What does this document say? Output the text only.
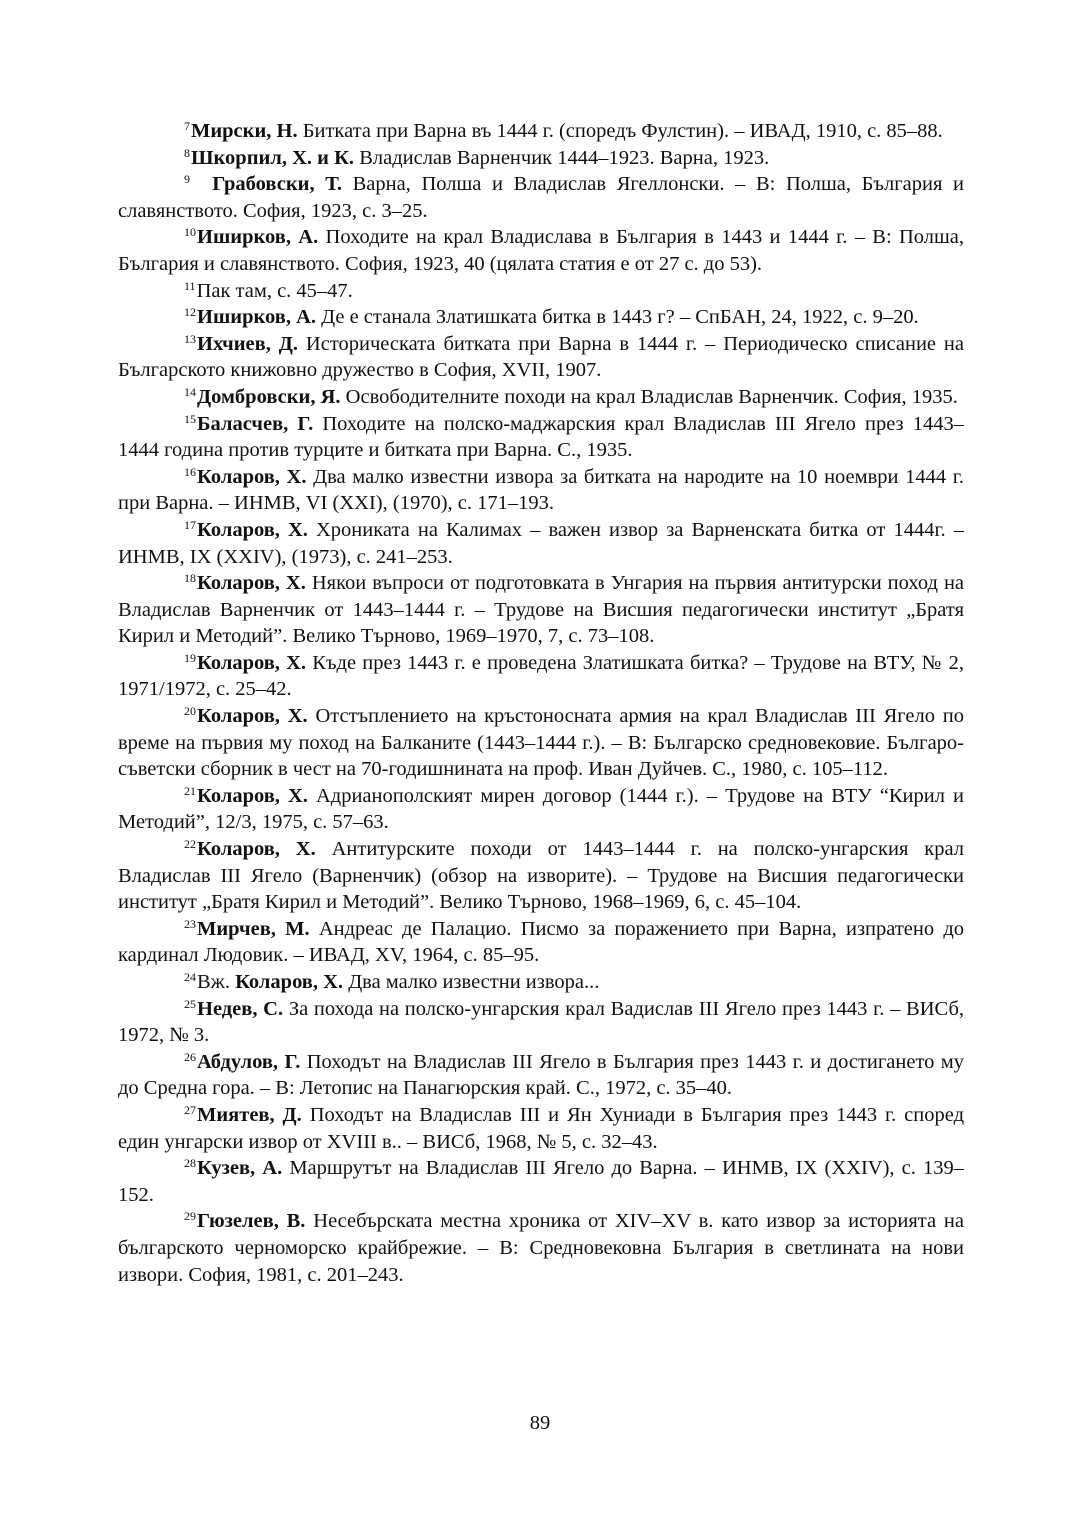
$^7$Мирски, Н. Битката при Варна въ 1444 г. (споредъ Фулстин). – ИВАД, 1910, с. 85–88.

$^8$Шкорпил, Х. и К. Владислав Варненчик 1444–1923. Варна, 1923.

$^9$ Грабовски, Т. Варна, Полша и Владислав Ягеллонски. – В: Полша, България и славянството. София, 1923, с. 3–25.

$^{10}$Иширков, А. Походите на крал Владислава в България в 1443 и 1444 г. – В: Полша, България и славянството. София, 1923, 40 (цялата статия е от 27 с. до 53).

$^{11}$Пак там, с. 45–47.

$^{12}$Иширков, А. Де е станала Златишката битка в 1443 г? – СпБАН, 24, 1922, с. 9–20.

$^{13}$Ихчиев, Д. Историческата битката при Варна в 1444 г. – Периодическо списание на Българското книжовно дружество в София, XVII, 1907.

$^{14}$Домбровски, Я. Освободителните походи на крал Владислав Варненчик. София, 1935.

$^{15}$Баласчев, Г. Походите на полско-маджарския крал Владислав III Ягело през 1443–1444 година против турците и битката при Варна. С., 1935.

$^{16}$Коларов, Х. Два малко известни извора за битката на народите на 10 ноември 1444 г. при Варна. – ИНМВ, VI (XXI), (1970), с. 171–193.

$^{17}$Коларов, Х. Хрониката на Калимах – важен извор за Варненската битка от 1444г. – ИНМВ, IX (XXIV), (1973), с. 241–253.

$^{18}$Коларов, Х. Някои въпроси от подготовката в Унгария на първия антитурски поход на Владислав Варненчик от 1443–1444 г. – Трудове на Висшия педагогически институт „Братя Кирил и Методий”. Велико Търново, 1969–1970, 7, с. 73–108.

$^{19}$Коларов, Х. Къде през 1443 г. е проведена Златишката битка? – Трудове на ВТУ, № 2, 1971/1972, с. 25–42.

$^{20}$Коларов, Х. Отстъплението на кръстоносната армия на крал Владислав III Ягело по време на първия му поход на Балканите (1443–1444 г.). – В: Българско средновековие. Българо-съветски сборник в чест на 70-годишнината на проф. Иван Дуйчев. С., 1980, с. 105–112.

$^{21}$Коларов, Х. Адрианополският мирен договор (1444 г.). – Трудове на ВТУ “Кирил и Методий”, 12/3, 1975, с. 57–63.

$^{22}$Коларов, Х. Антитурските походи от 1443–1444 г. на полско-унгарския крал Владислав III Ягело (Варненчик) (обзор на изворите). – Трудове на Висшия педагогически институт „Братя Кирил и Методий”. Велико Търново, 1968–1969, 6, с. 45–104.

$^{23}$Мирчев, М. Андреас де Палацио. Писмо за поражението при Варна, изпратено до кардинал Людовик. – ИВАД, XV, 1964, с. 85–95.

$^{24}$Вж. Коларов, Х. Два малко известни извора...

$^{25}$Недев, С. За похода на полско-унгарския крал Вадислав III Ягело през 1443 г. – ВИСб, 1972, № 3.

$^{26}$Абдулов, Г. Походът на Владислав III Ягело в България през 1443 г. и достигането му до Средна гора. – В: Летопис на Панагюрския край. С., 1972, с. 35–40.

$^{27}$Миятев, Д. Походът на Владислав III и Ян Хуниади в България през 1443 г. според един унгарски извор от XVIII в.. – ВИСб, 1968, № 5, с. 32–43.

$^{28}$Кузев, А. Маршрутът на Владислав III Ягело до Варна. – ИНМВ, IX (XXIV), с. 139–152.

$^{29}$Гюзелев, В. Несебърската местна хроника от XIV–XV в. като извор за историята на българското черноморско крайбрежие. – В: Средновековна България в светлината на нови извори. София, 1981, с. 201–243.

89
